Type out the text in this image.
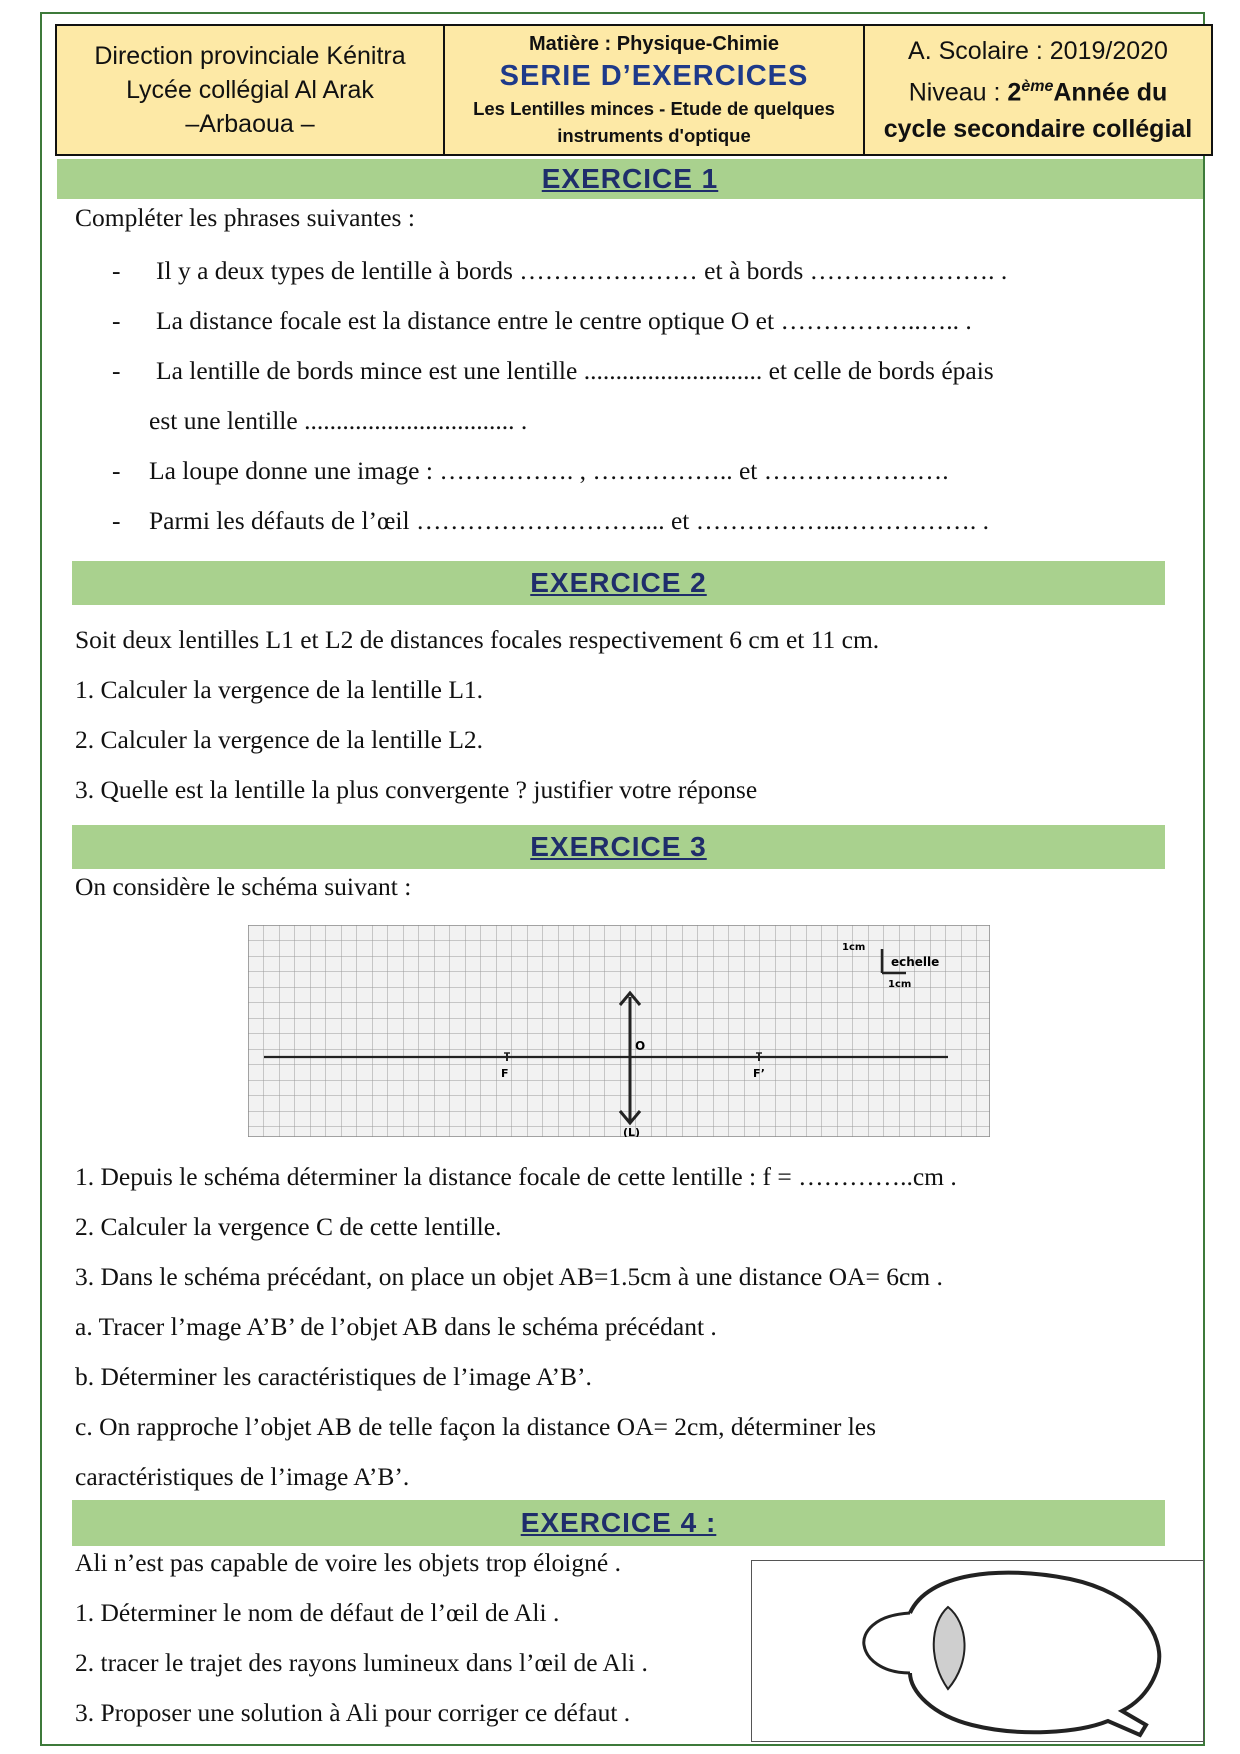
Direction provinciale Kénitra
Lycée collégial Al Arak
–Arbaoua –
Matière : Physique-Chimie
SERIE D’EXERCICES
Les Lentilles minces - Etude de quelques
instruments d'optique
A. Scolaire : 2019/2020
Niveau : 2èmeAnnée du
cycle secondaire collégial
EXERCICE 1
Compléter les phrases suivantes :
- Il y a deux types de lentille à bords ………………… et à bords …………………. .
- La distance focale est la distance entre le centre optique O et ……………..….. .
- La lentille de bords mince est une lentille ............................ et celle de bords épais
est une lentille ................................. .
- La loupe donne une image : ……………. , …………….. et ………………….
- Parmi les défauts de l’œil ………………………... et ……………...……………. .
EXERCICE 2
Soit deux lentilles L1 et L2 de distances focales respectivement 6 cm et 11 cm.
1. Calculer la vergence de la lentille L1.
2. Calculer la vergence de la lentille L2.
3. Quelle est la lentille la plus convergente ? justifier votre réponse
EXERCICE 3
On considère le schéma suivant :
O
(L)
F	F’
1cm
echelle
1cm
1. Depuis le schéma déterminer la distance focale de cette lentille : f = …………..cm .
2. Calculer la vergence C de cette lentille.
3. Dans le schéma précédant, on place un objet AB=1.5cm à une distance OA= 6cm .
a. Tracer l’mage A’B’ de l’objet AB dans le schéma précédant .
b. Déterminer les caractéristiques de l’image A’B’.
c. On rapproche l’objet AB de telle façon la distance OA= 2cm, déterminer les
caractéristiques de l’image A’B’.
EXERCICE 4 :
Ali n’est pas capable de voire les objets trop éloigné .
1. Déterminer le nom de défaut de l’œil de Ali .
2. tracer le trajet des rayons lumineux dans l’œil de Ali .
3. Proposer une solution à Ali pour corriger ce défaut .
